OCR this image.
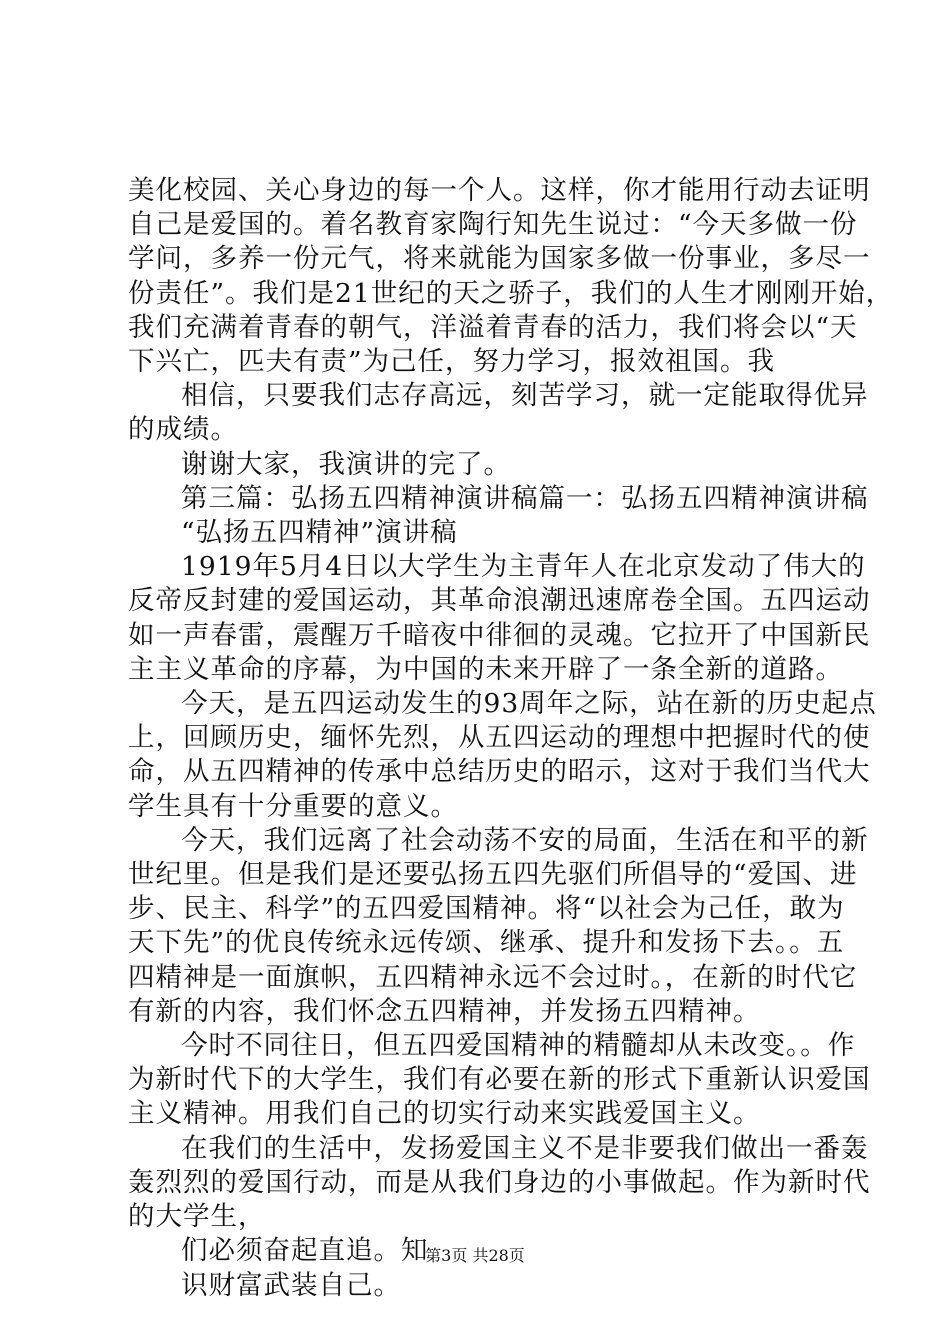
美化校园、关心身边的每一个人。这样，你才能用行动去证明
自己是爱国的。着名教育家陶行知先生说过：“今天多做一份
学问，多养一份元气，将来就能为国家多做一份事业，多尽一
份责任”。我们是21世纪的天之骄子，我们的人生才刚刚开始，
我们充满着青春的朝气，洋溢着青春的活力，我们将会以“天
下兴亡，匹夫有责”为己任，努力学习，报效祖国。我
相信，只要我们志存高远，刻苦学习，就一定能取得优异
的成绩。
谢谢大家，我演讲的完了。
第三篇：弘扬五四精神演讲稿篇一：弘扬五四精神演讲稿
“弘扬五四精神”演讲稿
1919年5月4日以大学生为主青年人在北京发动了伟大的
反帝反封建的爱国运动，其革命浪潮迅速席卷全国。五四运动
如一声春雷，震醒万千暗夜中徘徊的灵魂。它拉开了中国新民
主主义革命的序幕，为中国的未来开辟了一条全新的道路。
今天，是五四运动发生的93周年之际，站在新的历史起点
上，回顾历史，缅怀先烈，从五四运动的理想中把握时代的使
命，从五四精神的传承中总结历史的昭示，这对于我们当代大
学生具有十分重要的意义。
今天，我们远离了社会动荡不安的局面，生活在和平的新
世纪里。但是我们是还要弘扬五四先驱们所倡导的“爱国、进
步、民主、科学”的五四爱国精神。将“以社会为己任，敢为
天下先”的优良传统永远传颂、继承、提升和发扬下去。。五
四精神是一面旗帜，五四精神永远不会过时。，在新的时代它
有新的内容，我们怀念五四精神，并发扬五四精神。
今时不同往日，但五四爱国精神的精髓却从未改变。。作
为新时代下的大学生，我们有必要在新的形式下重新认识爱国
主义精神。用我们自己的切实行动来实践爱国主义。
在我们的生活中，发扬爱国主义不是非要我们做出一番轰
轰烈烈的爱国行动，而是从我们身边的小事做起。作为新时代
的大学生，
们必须奋起直追。知
识财富武装自己。
第3页 共28页
